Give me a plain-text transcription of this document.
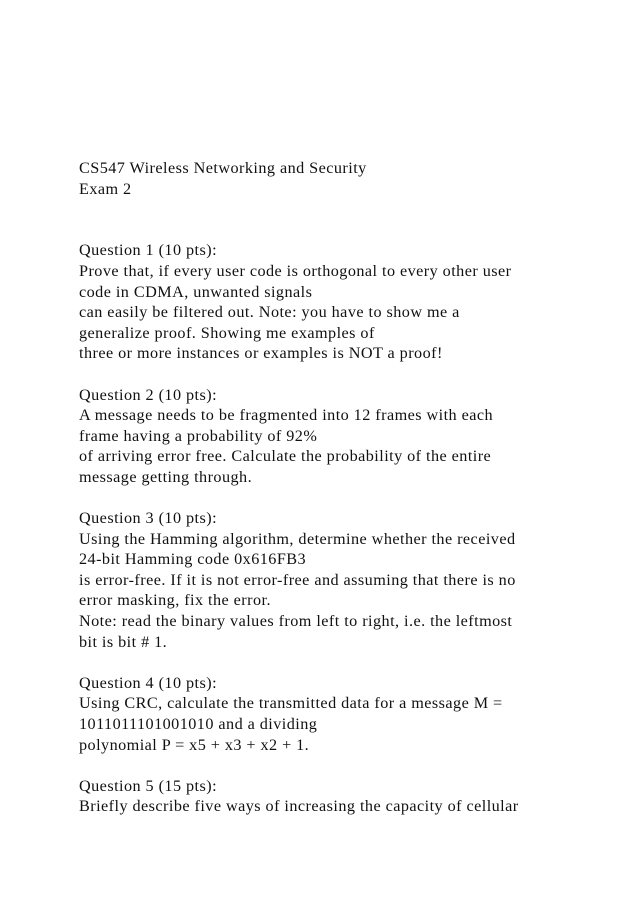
CS547 Wireless Networking and Security
Exam 2
Question 1 (10 pts):
Prove that, if every user code is orthogonal to every other user
code in CDMA, unwanted signals
can easily be filtered out. Note: you have to show me a
generalize proof. Showing me examples of
three or more instances or examples is NOT a proof!
Question 2 (10 pts):
A message needs to be fragmented into 12 frames with each
frame having a probability of 92%
of arriving error free. Calculate the probability of the entire
message getting through.
Question 3 (10 pts):
Using the Hamming algorithm, determine whether the received
24-bit Hamming code 0x616FB3
is error-free. If it is not error-free and assuming that there is no
error masking, fix the error.
Note: read the binary values from left to right, i.e. the leftmost
bit is bit # 1.
Question 4 (10 pts):
Using CRC, calculate the transmitted data for a message M =
1011011101001010 and a dividing
polynomial P = x5 + x3 + x2 + 1.
Question 5 (15 pts):
Briefly describe five ways of increasing the capacity of cellular
